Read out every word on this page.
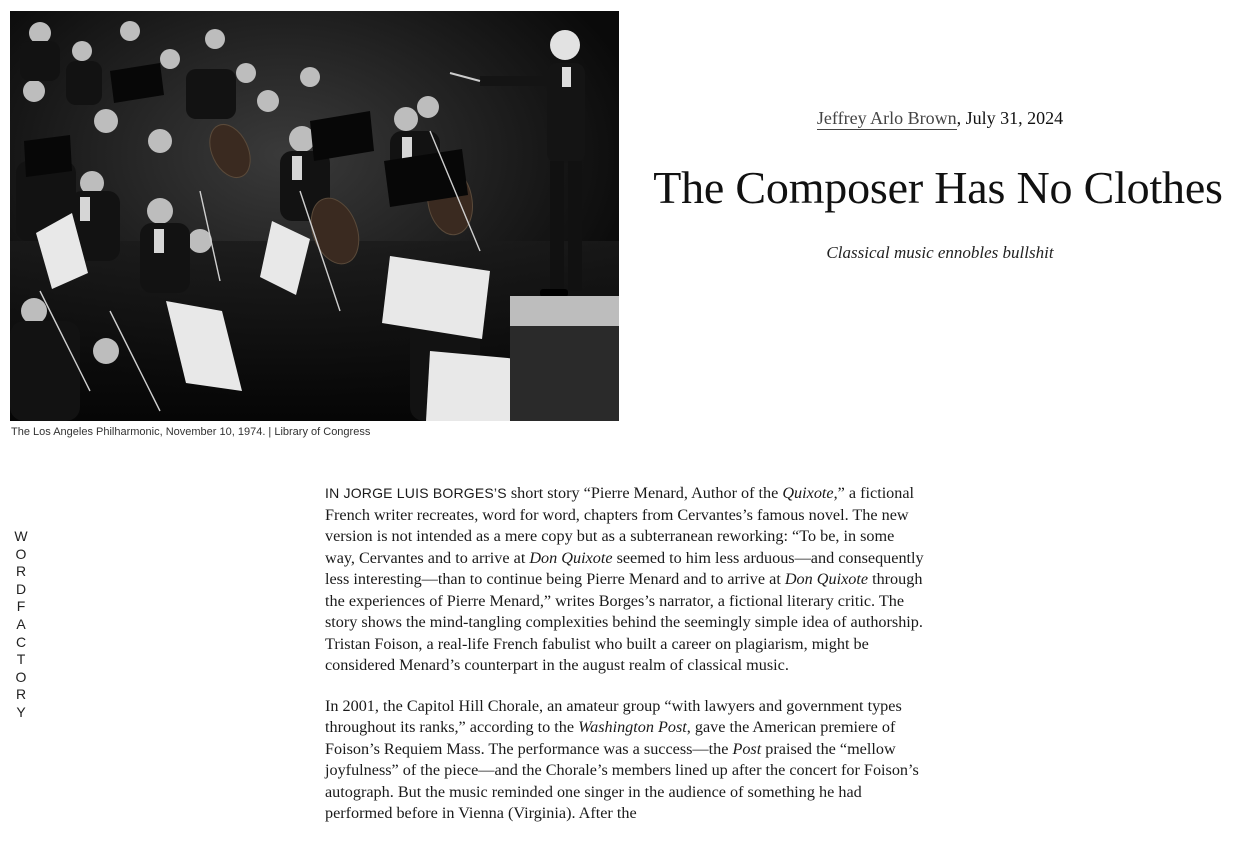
The Los Angeles Philharmonic, November 10, 1974. | Library of Congress
Jeffrey Arlo Brown, July 31, 2024
The Composer Has No Clothes
Classical music ennobles bullshit
WORD FACTORY

IN JORGE LUIS BORGES’S short story “Pierre Menard, Author of the Quixote,” a fictional French writer recreates, word for word, chapters from Cervantes’s famous novel. The new version is not intended as a mere copy but as a subterranean reworking: “To be, in some way, Cervantes and to arrive at Don Quixote seemed to him less arduous—and consequently less interesting—than to continue being Pierre Menard and to arrive at Don Quixote through the experiences of Pierre Menard,” writes Borges’s narrator, a fictional literary critic. The story shows the mind-tangling complexities behind the seemingly simple idea of authorship. Tristan Foison, a real-life French fabulist who built a career on plagiarism, might be considered Menard’s counterpart in the august realm of classical music.

In 2001, the Capitol Hill Chorale, an amateur group “with lawyers and government types throughout its ranks,” according to the Washington Post, gave the American premiere of Foison’s Requiem Mass. The performance was a success—the Post praised the “mellow joyfulness” of the piece—and the Chorale’s members lined up after the concert for Foison’s autograph. But the music reminded one singer in the audience of something he had performed before in Vienna (Virginia). After the
